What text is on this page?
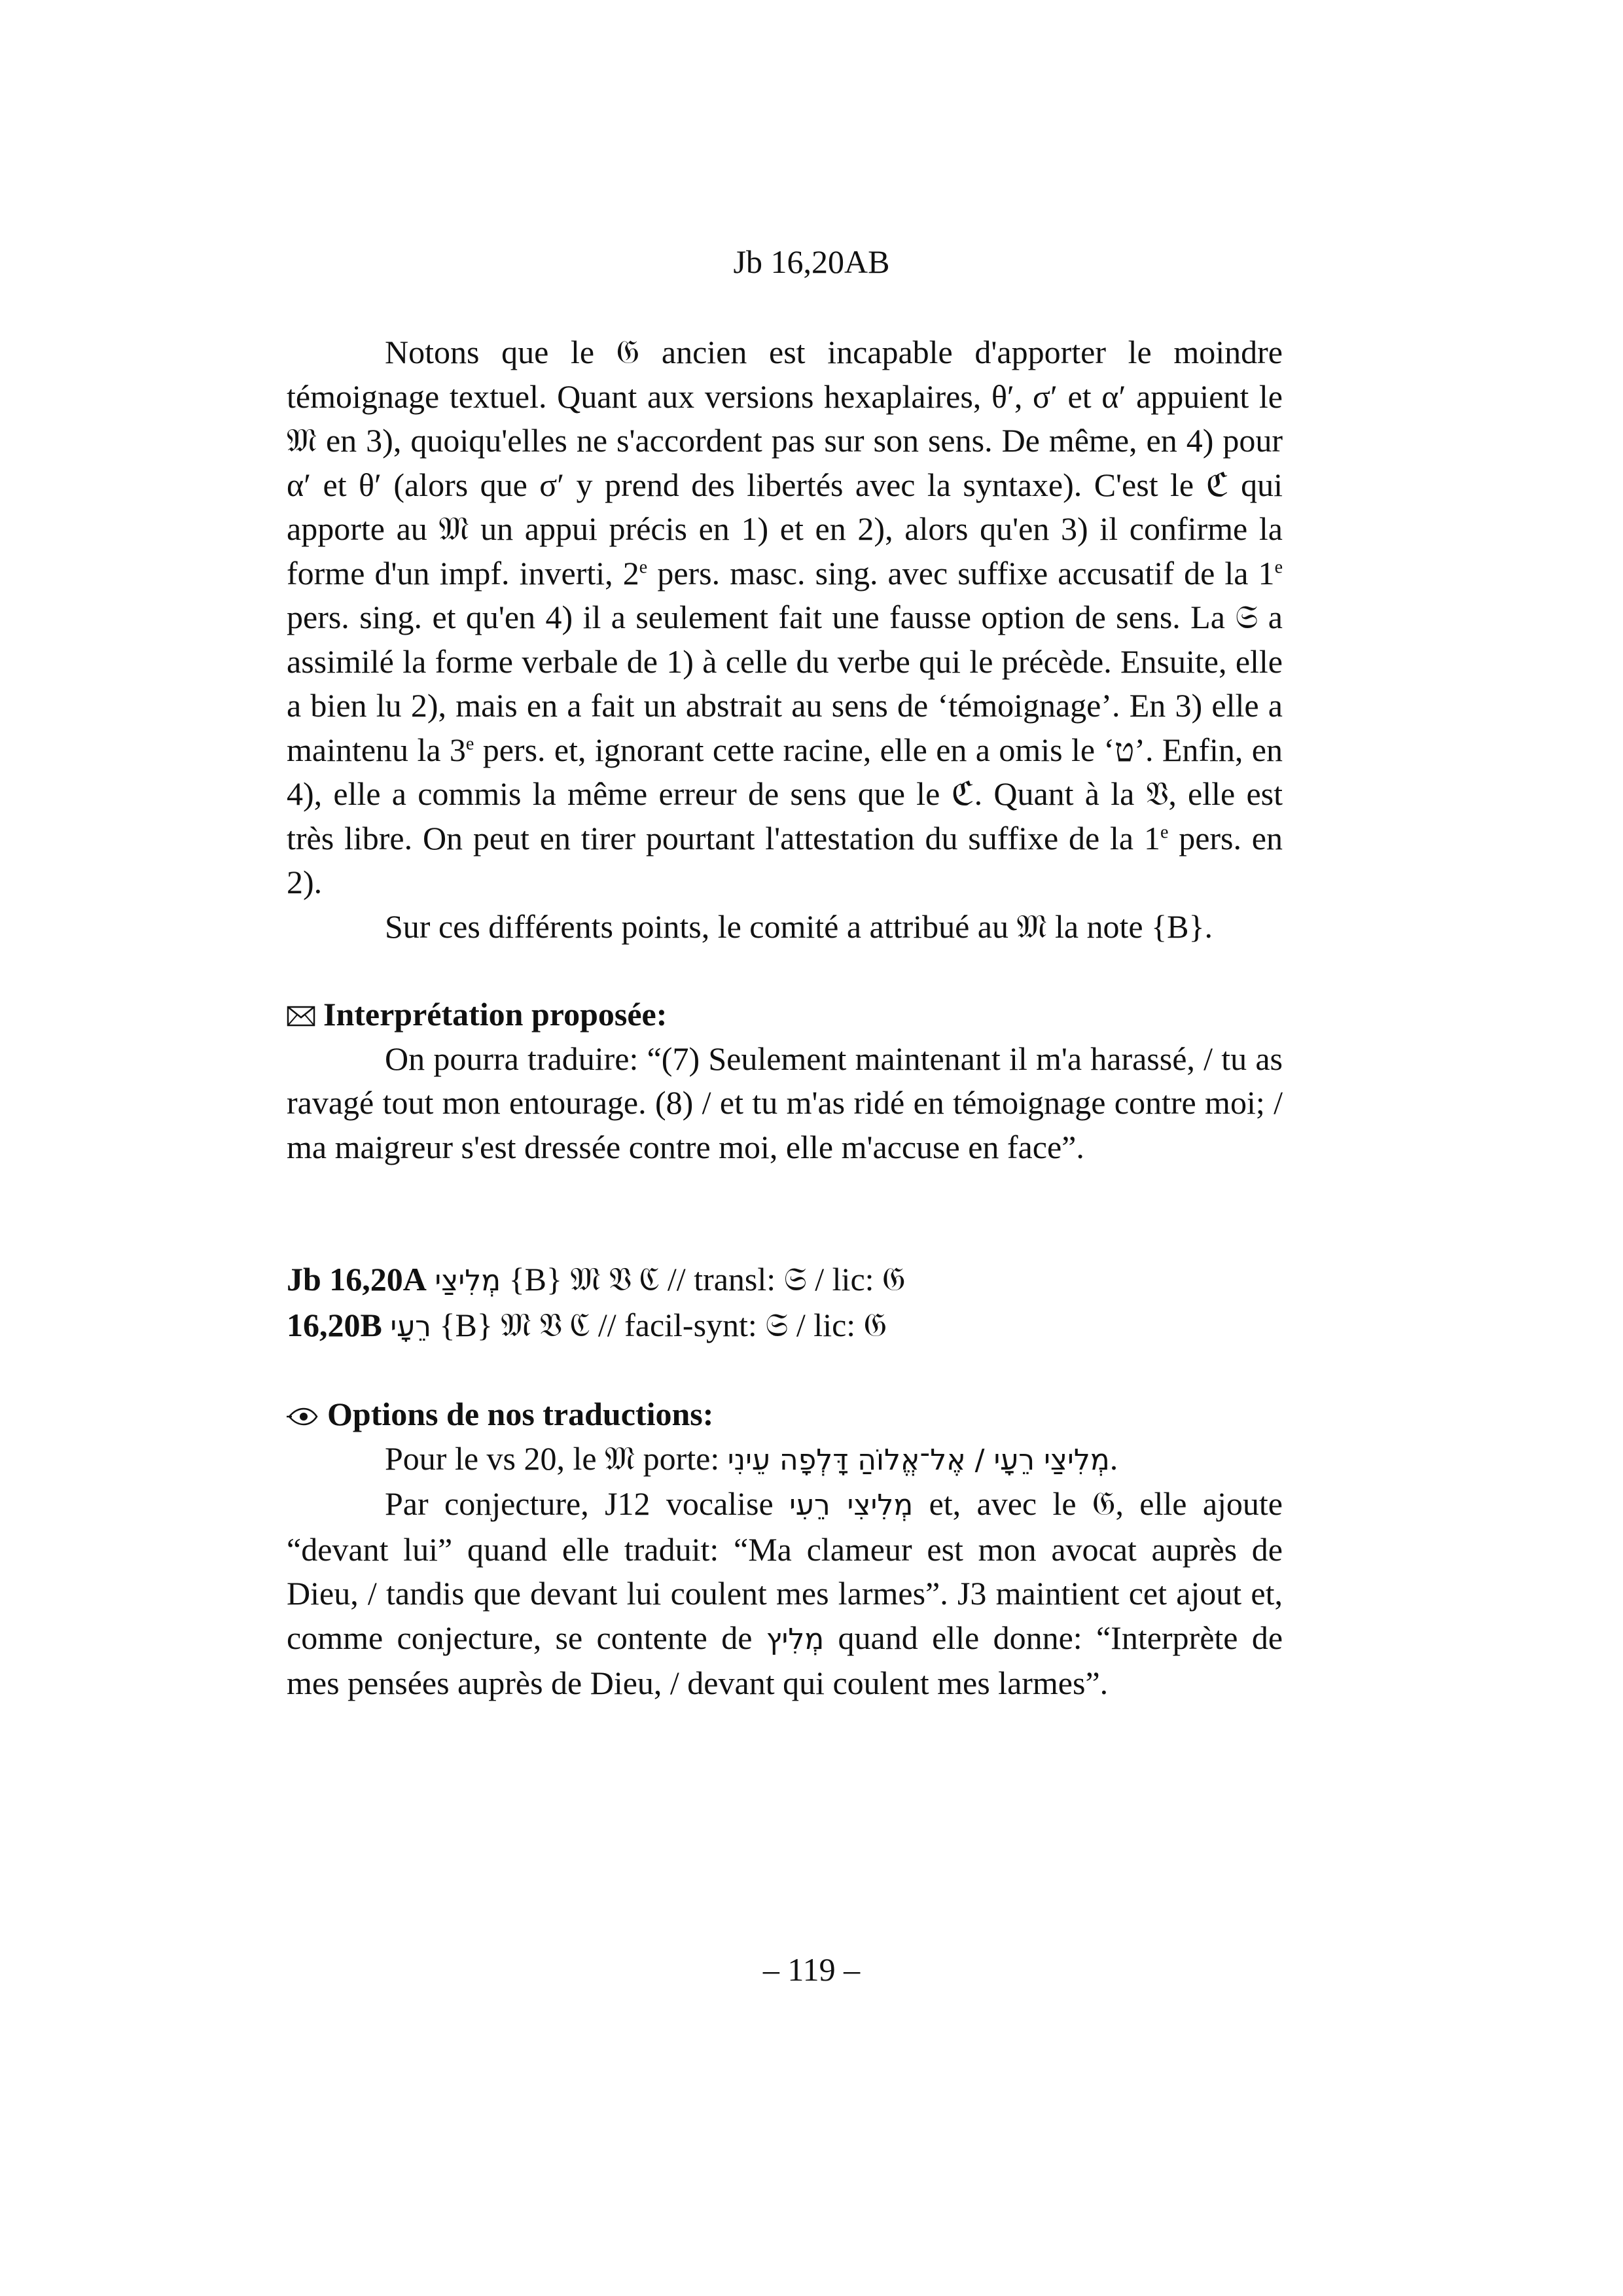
Jb 16,20AB

Notons que le 𝔊 ancien est incapable d'apporter le moindre témoignage textuel. Quant aux versions hexaplaires, θ′, σ′ et α′ appuient le 𝔐 en 3), quoiqu'elles ne s'accordent pas sur son sens. De même, en 4) pour α′ et θ′ (alors que σ′ y prend des libertés avec la syntaxe). C'est le ℭ qui apporte au 𝔐 un appui précis en 1) et en 2), alors qu'en 3) il confirme la forme d'un impf. inverti, 2e pers. masc. sing. avec suffixe accusatif de la 1e pers. sing. et qu'en 4) il a seulement fait une fausse option de sens. La 𝔖 a assimilé la forme verbale de 1) à celle du verbe qui le précède. Ensuite, elle a bien lu 2), mais en a fait un abstrait au sens de ‘témoignage’. En 3) elle a maintenu la 3e pers. et, ignorant cette racine, elle en a omis le ‘ט’. Enfin, en 4), elle a commis la même erreur de sens que le ℭ. Quant à la 𝔙, elle est très libre. On peut en tirer pourtant l'attestation du suffixe de la 1e pers. en 2).

Sur ces différents points, le comité a attribué au 𝔐 la note {B}.

Interprétation proposée:

On pourra traduire: “(7) Seulement maintenant il m'a harassé, / tu as ravagé tout mon entourage. (8) / et tu m'as ridé en témoignage contre moi; / ma maigreur s'est dressée contre moi, elle m'accuse en face”.

Jb 16,20A מְלִיצַי {B} 𝔐 𝔙 ℭ // transl: 𝔖 / lic: 𝔊

16,20B רֵעָי {B} 𝔐 𝔙 ℭ // facil-synt: 𝔖 / lic: 𝔊

Options de nos traductions:

Pour le vs 20, le 𝔐 porte: מְלִיצַי רֵעָי / אֶל־אֱלוֹהַ דָּלְפָה עֵינִי.

Par conjecture, J12 vocalise מְלִיצִי רֵעִי et, avec le 𝔊, elle ajoute “devant lui” quand elle traduit: “Ma clameur est mon avocat auprès de Dieu, / tandis que devant lui coulent mes larmes”. J3 maintient cet ajout et, comme conjecture, se contente de מְלִיץ quand elle donne: “Interprète de mes pensées auprès de Dieu, / devant qui coulent mes larmes”.

– 119 –
